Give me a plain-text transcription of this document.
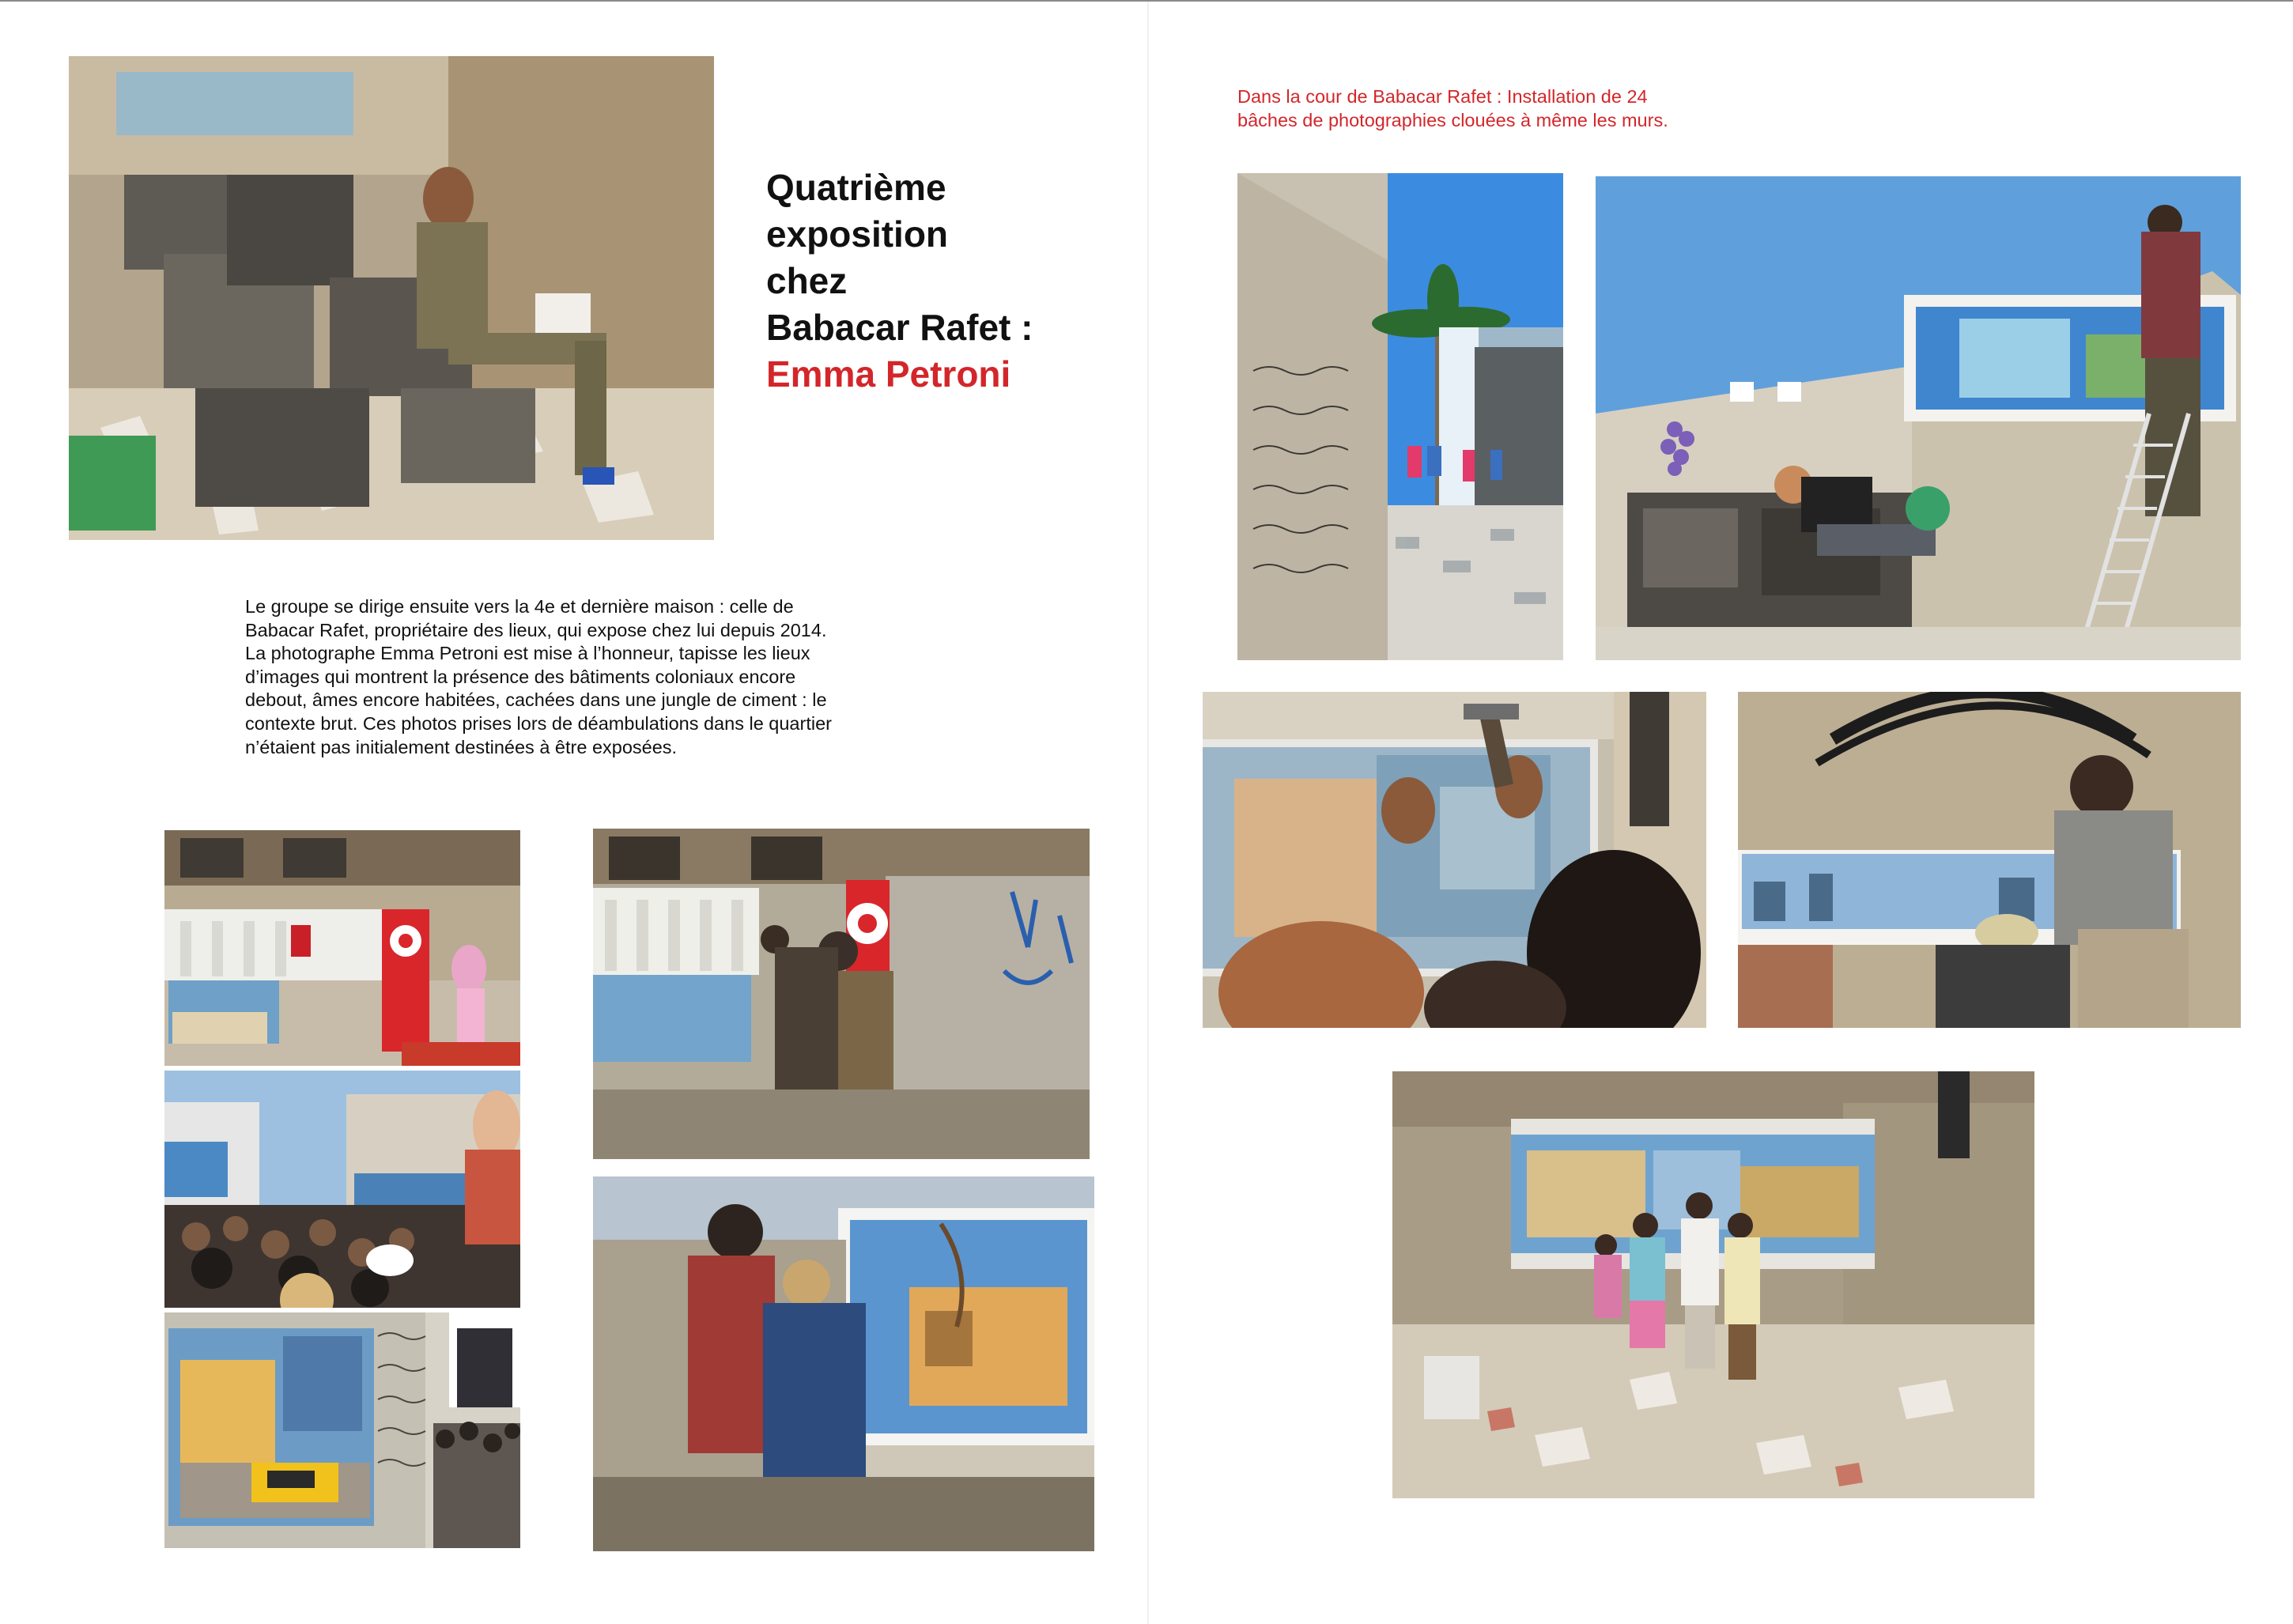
Quatrième
exposition
chez
Babacar Rafet :
Emma Petroni
Le groupe se dirige ensuite vers la 4e et dernière maison : celle de
Babacar Rafet, propriétaire des lieux, qui expose chez lui depuis 2014.
La photographe Emma Petroni est mise à l’honneur, tapisse les lieux
d’images qui montrent la présence des bâtiments coloniaux encore
debout, âmes encore habitées, cachées dans une jungle de ciment : le
contexte brut. Ces photos prises lors de déambulations dans le quartier
n’étaient pas initialement destinées à être exposées.
Dans la cour de Babacar Rafet : Installation de 24
bâches de photographies clouées à même les murs.
